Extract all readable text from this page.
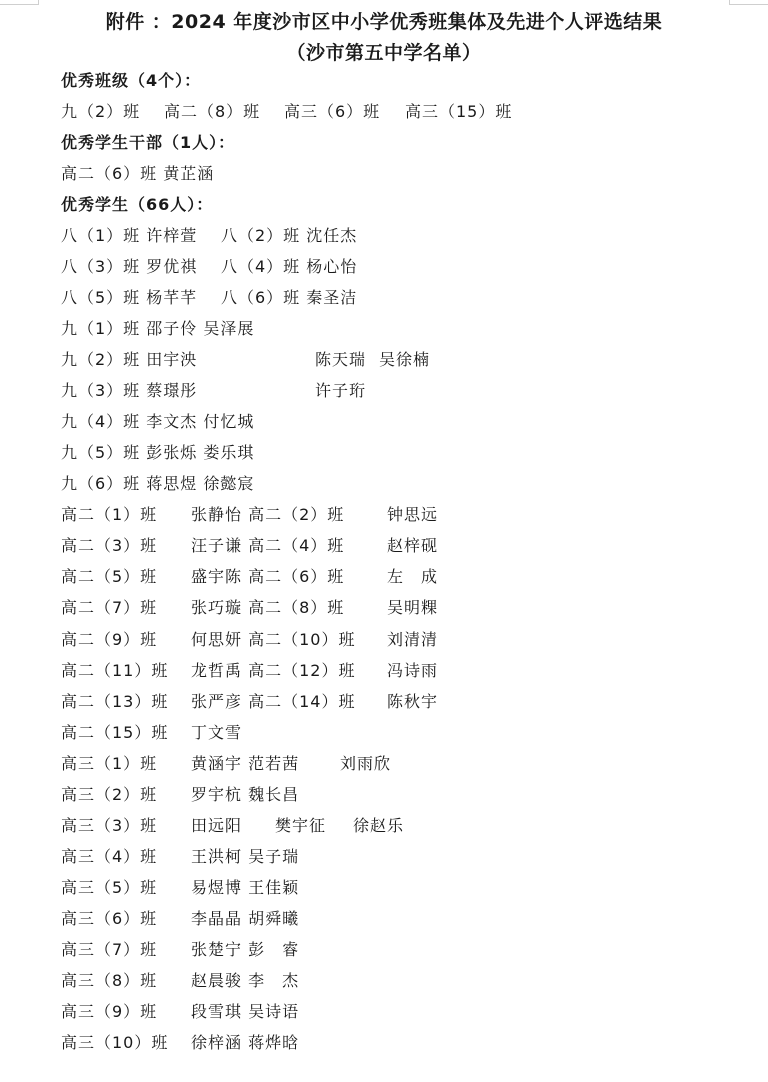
附件 ：2024 年度沙市区中小学优秀班集体及先进个人评选结果
（沙市第五中学名单）
优秀班级（4个）：
九（2）班 高二（8）班 高三（6）班 高三（15）班
优秀学生干部（1人）：
高二（6）班 黄芷涵
优秀学生（66人）：
八（1）班 许梓萱 八（2）班 沈任杰
八（3）班 罗优祺 八（4）班 杨心怡
八（5）班 杨芊芊 八（6）班 秦圣洁
九（1）班 邵子伶 吴泽展
九（2）班 田宇泱	陈天瑞 吴徐楠
九（3）班 蔡璟彤	许子珩
九（4）班 李文杰 付忆城
九（5）班 彭张烁 娄乐琪
九（6）班 蒋思煜 徐懿宸
高二（1）班 张静怡 高二（2）班	钟思远
高二（3）班 汪子谦 高二（4）班	赵梓砚
高二（5）班 盛宇陈 高二（6）班	左　成
高二（7）班 张巧璇 高二（8）班	吴明粿
高二（9）班 何思妍 高二（10）班 刘清清
高二（11）班 龙哲禹 高二（12）班 冯诗雨
高二（13）班 张严彦 高二（14）班 陈秋宇
高二（15）班 丁文雪
高三（1）班 黄涵宇 范若茜	刘雨欣
高三（2）班 罗宇杭 魏长昌
高三（3）班 田远阳 樊宇征 徐赵乐
高三（4）班 王洪柯 吴子瑞
高三（5）班 易煜博 王佳颖
高三（6）班 李晶晶 胡舜曦
高三（7）班 张楚宁 彭　睿
高三（8）班 赵晨骏 李　杰
高三（9）班 段雪琪 吴诗语
高三（10）班 徐梓涵 蒋烨晗
